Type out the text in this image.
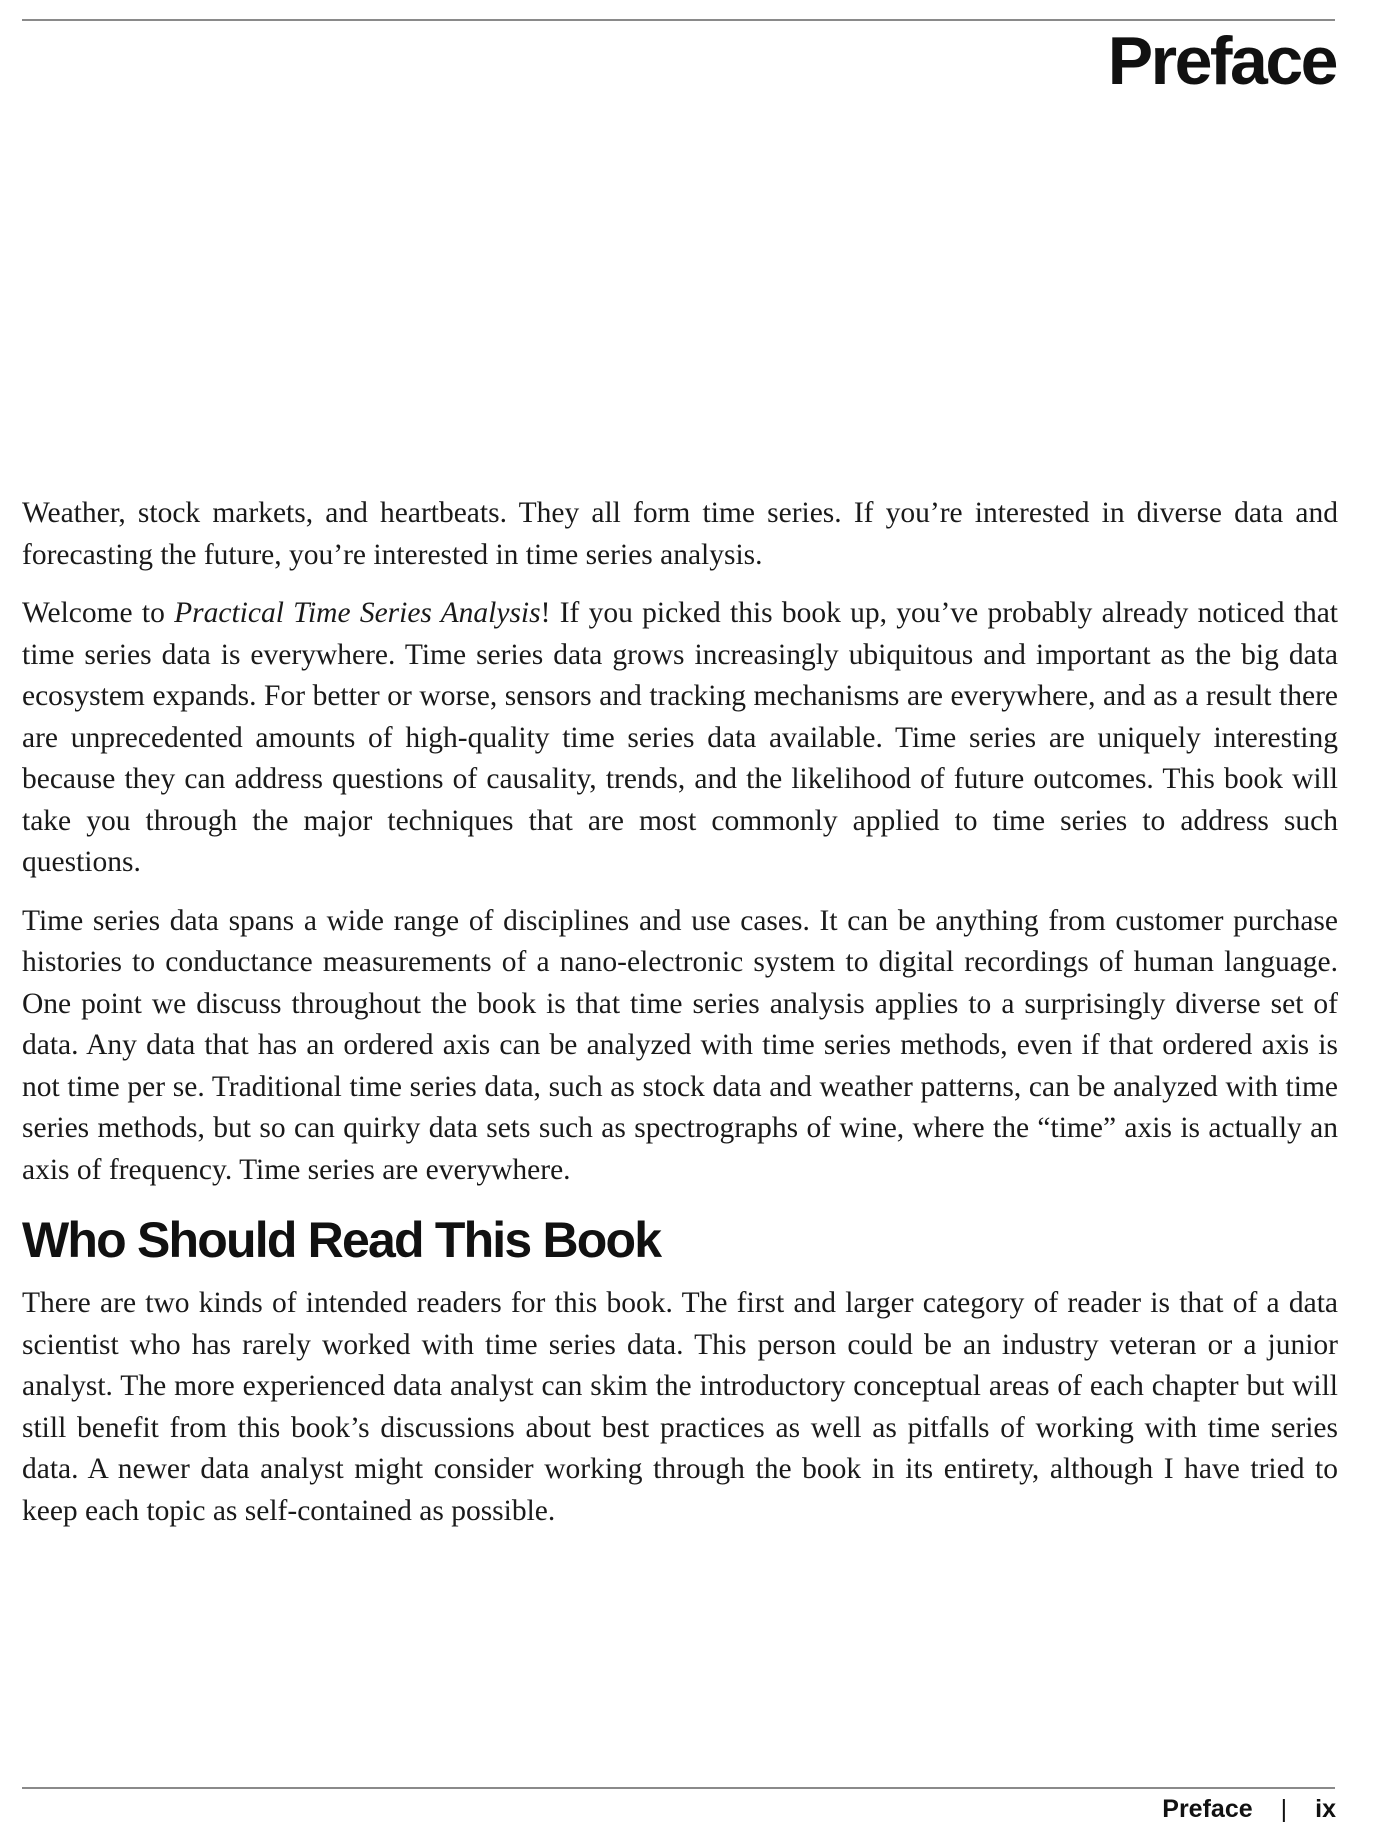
Preface

Weather, stock markets, and heartbeats. They all form time series. If you’re interested in diverse data and forecasting the future, you’re interested in time series analysis.

Welcome to Practical Time Series Analysis! If you picked this book up, you’ve probably already noticed that time series data is everywhere. Time series data grows increasingly ubiquitous and important as the big data ecosystem expands. For better or worse, sensors and tracking mechanisms are everywhere, and as a result there are unprecedented amounts of high-quality time series data available. Time series are uniquely interesting because they can address questions of causality, trends, and the likelihood of future outcomes. This book will take you through the major techniques that are most commonly applied to time series to address such questions.

Time series data spans a wide range of disciplines and use cases. It can be anything from customer purchase histories to conductance measurements of a nano-electronic system to digital recordings of human language. One point we discuss throughout the book is that time series analysis applies to a surprisingly diverse set of data. Any data that has an ordered axis can be analyzed with time series methods, even if that ordered axis is not time per se. Traditional time series data, such as stock data and weather patterns, can be analyzed with time series methods, but so can quirky data sets such as spectrographs of wine, where the “time” axis is actually an axis of frequency. Time series are everywhere.

Who Should Read This Book

There are two kinds of intended readers for this book. The first and larger category of reader is that of a data scientist who has rarely worked with time series data. This person could be an industry veteran or a junior analyst. The more experienced data analyst can skim the introductory conceptual areas of each chapter but will still benefit from this book’s discussions about best practices as well as pitfalls of working with time series data. A newer data analyst might consider working through the book in its entirety, although I have tried to keep each topic as self-contained as possible.

Preface | ix
